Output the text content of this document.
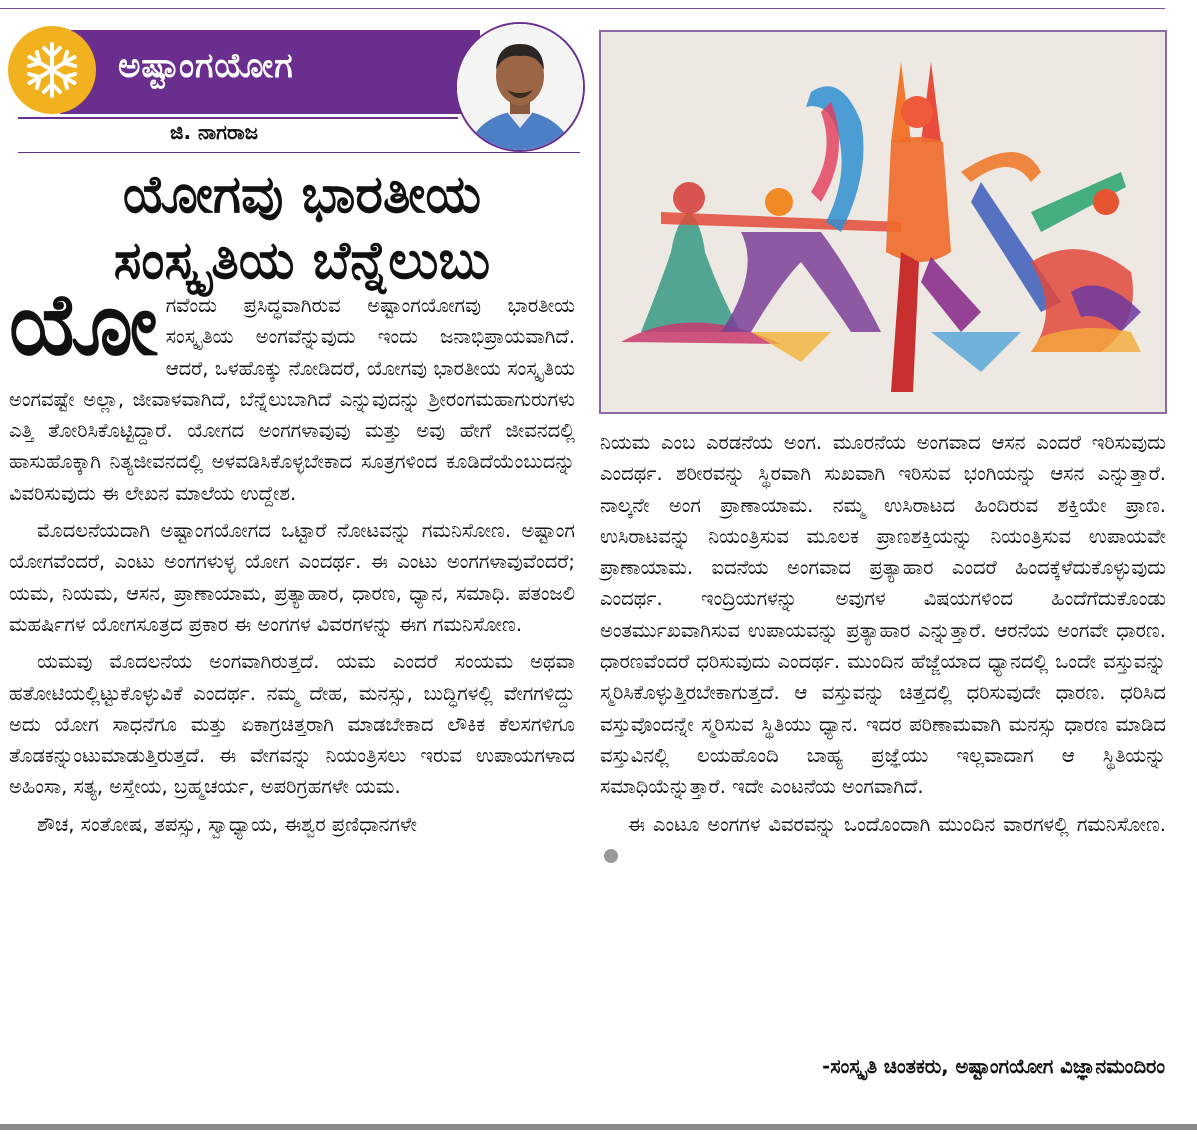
ಅಷ್ಟಾಂಗಯೋಗ
ಜಿ. ನಾಗರಾಜ
ಯೋಗವು ಭಾರತೀಯ
ಸಂಸ್ಕೃತಿಯ ಬೆನ್ನೆಲುಬು

ಯೋಗವೆಂದು ಪ್ರಸಿದ್ಧವಾಗಿರುವ ಅಷ್ಟಾಂಗಯೋಗವು ಭಾರತೀಯ ಸಂಸ್ಕೃತಿಯ ಅಂಗವೆನ್ನುವುದು ಇಂದು ಜನಾಭಿಪ್ರಾಯವಾಗಿದೆ. ಆದರೆ, ಒಳಹೊಕ್ಕು ನೋಡಿದರೆ, ಯೋಗವು ಭಾರತೀಯ ಸಂಸ್ಕೃತಿಯ ಅಂಗವಷ್ಟೇ ಅಲ್ಲಾ, ಜೀವಾಳವಾಗಿದೆ, ಬೆನ್ನೆಲುಬಾಗಿದೆ ಎನ್ನುವುದನ್ನು ಶ್ರೀರಂಗಮಹಾಗುರುಗಳು ಎತ್ತಿ ತೋರಿಸಿಕೊಟ್ಟಿದ್ದಾರೆ. ಯೋಗದ ಅಂಗಗಳಾವುವು ಮತ್ತು ಅವು ಹೇಗೆ ಜೀವನದಲ್ಲಿ ಹಾಸುಹೊಕ್ಕಾಗಿ ನಿತ್ಯಜೀವನದಲ್ಲಿ ಅಳವಡಿಸಿಕೊಳ್ಳಬೇಕಾದ ಸೂತ್ರಗಳಿಂದ ಕೂಡಿದೆಯೆಂಬುದನ್ನು ವಿವರಿಸುವುದು ಈ ಲೇಖನ ಮಾಲೆಯ ಉದ್ದೇಶ.

ಮೊದಲನೆಯದಾಗಿ ಅಷ್ಟಾಂಗಯೋಗದ ಒಟ್ಟಾರೆ ನೋಟವನ್ನು ಗಮನಿಸೋಣ. ಅಷ್ಟಾಂಗ ಯೋಗವೆಂದರೆ, ಎಂಟು ಅಂಗಗಳುಳ್ಳ ಯೋಗ ಎಂದರ್ಥ. ಈ ಎಂಟು ಅಂಗಗಳಾವುವೆಂದರೆ; ಯಮ, ನಿಯಮ, ಆಸನ, ಪ್ರಾಣಾಯಾಮ, ಪ್ರತ್ಯಾಹಾರ, ಧಾರಣ, ಧ್ಯಾನ, ಸಮಾಧಿ. ಪತಂಜಲಿ ಮಹರ್ಷಿಗಳ ಯೋಗಸೂತ್ರದ ಪ್ರಕಾರ ಈ ಅಂಗಗಳ ವಿವರಗಳನ್ನು ಈಗ ಗಮನಿಸೋಣ.

ಯಮವು ಮೊದಲನೆಯ ಅಂಗವಾಗಿರುತ್ತದೆ. ಯಮ ಎಂದರೆ ಸಂಯಮ ಅಥವಾ ಹತೋಟಿಯಲ್ಲಿಟ್ಟುಕೊಳ್ಳುವಿಕೆ ಎಂದರ್ಥ. ನಮ್ಮ ದೇಹ, ಮನಸ್ಸು, ಬುದ್ಧಿಗಳಲ್ಲಿ ವೇಗಗಳಿದ್ದು ಅದು ಯೋಗ ಸಾಧನೆಗೂ ಮತ್ತು ಏಕಾಗ್ರಚಿತ್ತರಾಗಿ ಮಾಡಬೇಕಾದ ಲೌಕಿಕ ಕೆಲಸಗಳಿಗೂ ತೊಡಕನ್ನುಂಟುಮಾಡುತ್ತಿರುತ್ತದೆ. ಈ ವೇಗವನ್ನು ನಿಯಂತ್ರಿಸಲು ಇರುವ ಉಪಾಯಗಳಾದ ಅಹಿಂಸಾ, ಸತ್ಯ, ಅಸ್ತೇಯ, ಬ್ರಹ್ಮಚರ್ಯ, ಅಪರಿಗ್ರಹಗಳೇ ಯಮ.

ಶೌಚ, ಸಂತೋಷ, ತಪಸ್ಸು, ಸ್ವಾಧ್ಯಾಯ, ಈಶ್ವರ ಪ್ರಣಿಧಾನಗಳೇ

ನಿಯಮ ಎಂಬ ಎರಡನೆಯ ಅಂಗ. ಮೂರನೆಯ ಅಂಗವಾದ ಆಸನ ಎಂದರೆ ಇರಿಸುವುದು ಎಂದರ್ಥ. ಶರೀರವನ್ನು ಸ್ಥಿರವಾಗಿ ಸುಖವಾಗಿ ಇರಿಸುವ ಭಂಗಿಯನ್ನು ಆಸನ ಎನ್ನುತ್ತಾರೆ. ನಾಲ್ಕನೇ ಅಂಗ ಪ್ರಾಣಾಯಾಮ. ನಮ್ಮ ಉಸಿರಾಟದ ಹಿಂದಿರುವ ಶಕ್ತಿಯೇ ಪ್ರಾಣ. ಉಸಿರಾಟವನ್ನು ನಿಯಂತ್ರಿಸುವ ಮೂಲಕ ಪ್ರಾಣಶಕ್ತಿಯನ್ನು ನಿಯಂತ್ರಿಸುವ ಉಪಾಯವೇ ಪ್ರಾಣಾಯಾಮ. ಐದನೆಯ ಅಂಗವಾದ ಪ್ರತ್ಯಾಹಾರ ಎಂದರೆ ಹಿಂದಕ್ಕೆಳೆದುಕೊಳ್ಳುವುದು ಎಂದರ್ಥ. ಇಂದ್ರಿಯಗಳನ್ನು ಅವುಗಳ ವಿಷಯಗಳಿಂದ ಹಿಂದೆಗೆದುಕೊಂಡು ಅಂತರ್ಮುಖವಾಗಿಸುವ ಉಪಾಯವನ್ನು ಪ್ರತ್ಯಾಹಾರ ಎನ್ನುತ್ತಾರೆ. ಆರನೆಯ ಅಂಗವೇ ಧಾರಣ. ಧಾರಣವೆಂದರೆ ಧರಿಸುವುದು ಎಂದರ್ಥ. ಮುಂದಿನ ಹೆಜ್ಜೆಯಾದ ಧ್ಯಾನದಲ್ಲಿ ಒಂದೇ ವಸ್ತುವನ್ನು ಸ್ಮರಿಸಿಕೊಳ್ಳುತ್ತಿರಬೇಕಾಗುತ್ತದೆ. ಆ ವಸ್ತುವನ್ನು ಚಿತ್ತದಲ್ಲಿ ಧರಿಸುವುದೇ ಧಾರಣ. ಧರಿಸಿದ ವಸ್ತುವೊಂದನ್ನೇ ಸ್ಮರಿಸುವ ಸ್ಥಿತಿಯು ಧ್ಯಾನ. ಇದರ ಪರಿಣಾಮವಾಗಿ ಮನಸ್ಸು ಧಾರಣ ಮಾಡಿದ ವಸ್ತುವಿನಲ್ಲಿ ಲಯಹೊಂದಿ ಬಾಹ್ಯ ಪ್ರಜ್ಞೆಯು ಇಲ್ಲವಾದಾಗ ಆ ಸ್ಥಿತಿಯನ್ನು ಸಮಾಧಿಯೆನ್ನುತ್ತಾರೆ. ಇದೇ ಎಂಟನೆಯ ಅಂಗವಾಗಿದೆ.

ಈ ಎಂಟೂ ಅಂಗಗಳ ವಿವರವನ್ನು ಒಂದೊಂದಾಗಿ ಮುಂದಿನ ವಾರಗಳಲ್ಲಿ ಗಮನಿಸೋಣ.

-ಸಂಸ್ಕೃತಿ ಚಿಂತಕರು, ಅಷ್ಟಾಂಗಯೋಗ ವಿಜ್ಞಾನಮಂದಿರಂ
